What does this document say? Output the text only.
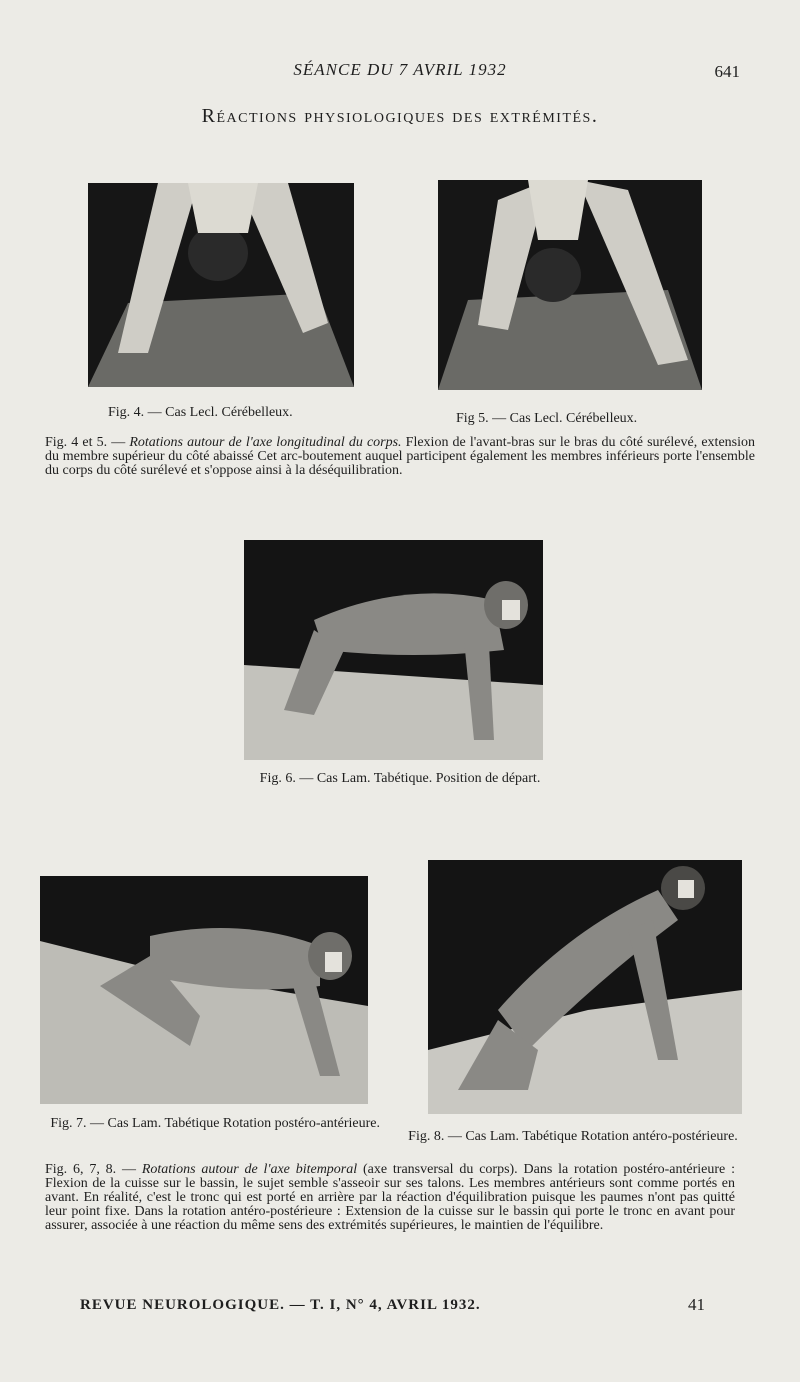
SÉANCE DU 7 AVRIL 1932	641
Réactions physiologiques des extrémités.
Fig. 4. — Cas Lecl. Cérébelleux.	Fig 5. — Cas Lecl. Cérébelleux.
Fig. 4 et 5. — Rotations autour de l'axe longitudinal du corps. Flexion de l'avant-bras sur le bras du côté surélevé, extension du membre supérieur du côté abaissé Cet arc-boutement auquel participent également les membres inférieurs porte l'ensemble du corps du côté surélevé et s'oppose ainsi à la déséquilibration.
Fig. 6. — Cas Lam. Tabétique. Position de départ.
Fig. 7. — Cas Lam. Tabétique Rotation postéro-antérieure.
Fig. 8. — Cas Lam. Tabétique Rotation antéro-postérieure.
Fig. 6, 7, 8. — Rotations autour de l'axe bitemporal (axe transversal du corps). Dans la rotation postéro-antérieure : Flexion de la cuisse sur le bassin, le sujet semble s'asseoir sur ses talons. Les membres antérieurs sont comme portés en avant. En réalité, c'est le tronc qui est porté en arrière par la réaction d'équilibration puisque les paumes n'ont pas quitté leur point fixe. Dans la rotation antéro-postérieure : Extension de la cuisse sur le bassin qui porte le tronc en avant pour assurer, associée à une réaction du même sens des extrémités supérieures, le maintien de l'équilibre.
REVUE NEUROLOGIQUE. — T. I, N° 4, AVRIL 1932.	41
